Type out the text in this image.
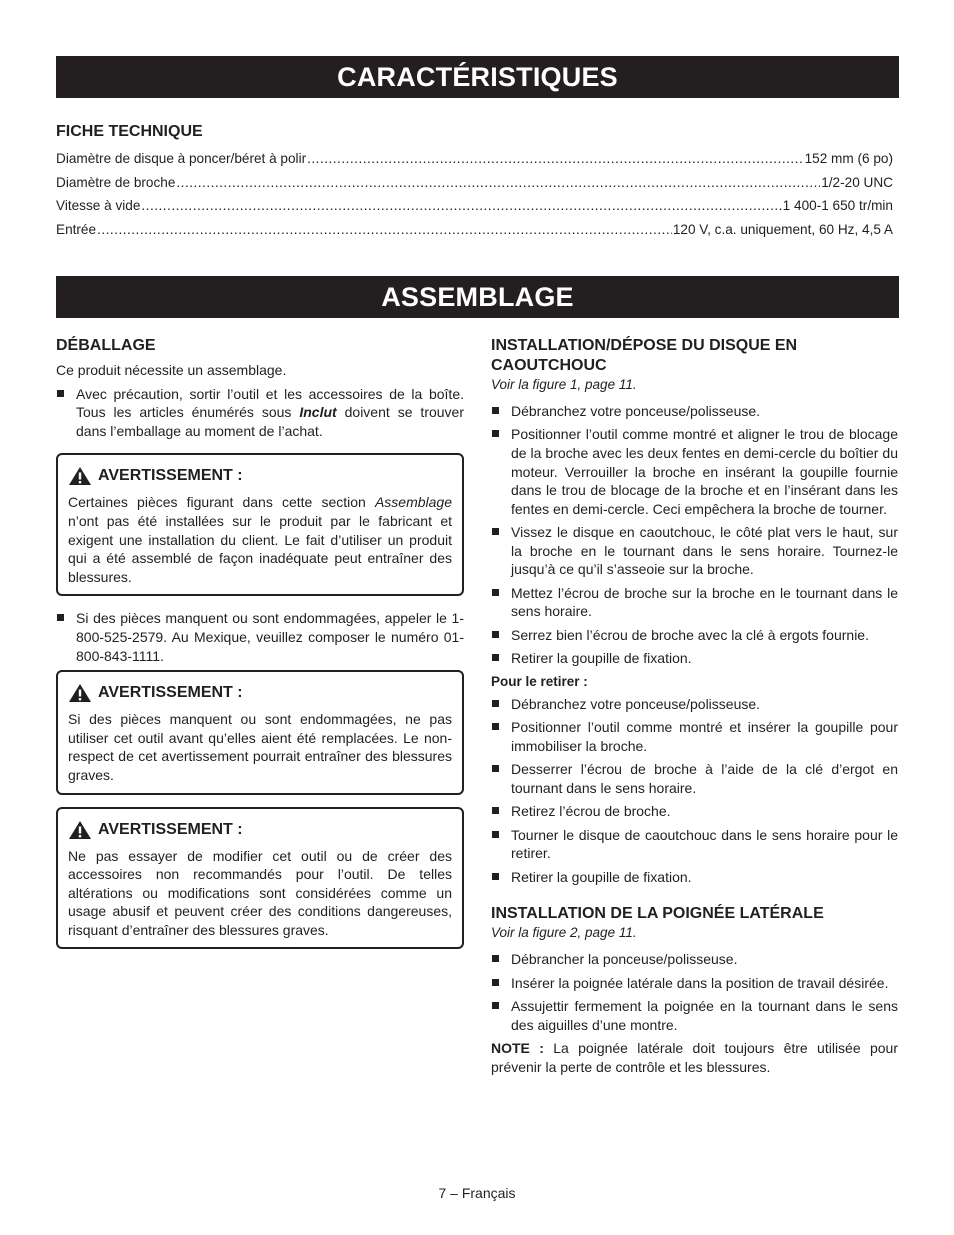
CARACTÉRISTIQUES
FICHE TECHNIQUE
Diamètre de disque à poncer/béret à polir .....	152 mm (6 po)
Diamètre de broche .....	1/2-20 UNC
Vitesse à vide .....	1 400-1 650 tr/min
Entrée .....	120 V, c.a. uniquement, 60 Hz, 4,5 A
ASSEMBLAGE
DÉBALLAGE

Ce produit nécessite un assemblage.

Avec précaution, sortir l’outil et les accessoires de la boîte. Tous les articles énumérés sous Inclut doivent se trouver dans l’emballage au moment de l’achat.
AVERTISSEMENT :

Certaines pièces figurant dans cette section Assemblage n’ont pas été installées sur le produit par le fabricant et exigent une installation du client. Le fait d’utiliser un produit qui a été assemblé de façon inadéquate peut entraîner des blessures.

Si des pièces manquent ou sont endommagées, appeler le 1-800-525-2579. Au Mexique, veuillez composer le numéro 01-800-843-1111.
AVERTISSEMENT :

Si des pièces manquent ou sont endommagées, ne pas utiliser cet outil avant qu’elles aient été remplacées. Le non-respect de cet avertissement pourrait entraîner des blessures graves.

AVERTISSEMENT :

Ne pas essayer de modifier cet outil ou de créer des accessoires non recommandés pour l’outil. De telles altérations ou modifications sont considérées comme un usage abusif et peuvent créer des conditions dangereuses, risquant d’entraîner des blessures graves.

INSTALLATION/DÉPOSE DU DISQUE EN CAOUTCHOUC

Voir la figure 1, page 11.

Débranchez votre ponceuse/polisseuse.
Positionner l’outil comme montré et aligner le trou de blocage de la broche avec les deux fentes en demi-cercle du boîtier du moteur. Verrouiller la broche en insérant la goupille fournie dans le trou de blocage de la broche et en l’insérant dans les fentes en demi-cercle. Ceci empêchera la broche de tourner.
Vissez le disque en caoutchouc, le côté plat vers le haut, sur la broche en le tournant dans le sens horaire. Tournez-le jusqu’à ce qu’il s’asseoie sur la broche.
Mettez l’écrou de broche sur la broche en le tournant dans le sens horaire.
Serrez bien l’écrou de broche avec la clé à ergots fournie.
Retirer la goupille de fixation.

Pour le retirer :

Débranchez votre ponceuse/polisseuse.
Positionner l’outil comme montré et insérer la goupille pour immobiliser la broche.
Desserrer l’écrou de broche à l’aide de la clé d’ergot en tournant dans le sens horaire.
Retirez l’écrou de broche.
Tourner le disque de caoutchouc dans le sens horaire pour le retirer.
Retirer la goupille de fixation.
INSTALLATION DE LA POIGNÉE LATÉRALE

Voir la figure 2, page 11.

Débrancher la ponceuse/polisseuse.
Insérer la poignée latérale dans la position de travail désirée.
Assujettir fermement la poignée en la tournant dans le sens des aiguilles d’une montre.

NOTE : La poignée latérale doit toujours être utilisée pour prévenir la perte de contrôle et les blessures.

7 – Français
